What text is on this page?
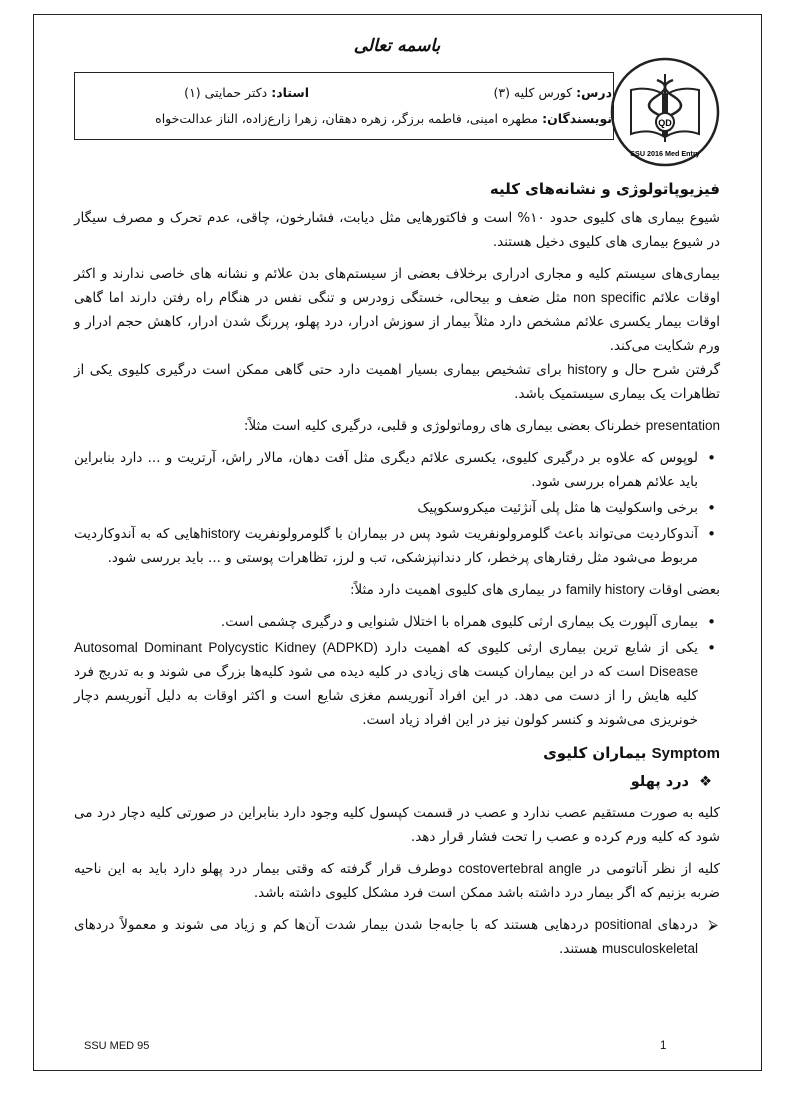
باسمه تعالی
درس: کورس کلیه (۳)
استاد: دکتر حمایتی (۱)
نویسندگان: مطهره امینی، فاطمه برزگر، زهره دهقان، زهرا زارع‌زاده، الناز عدالت‌خواه	QD
SSU 2016 Med Entry
فیزیوپاتولوژی و نشانه‌های کلیه

شیوع بیماری های کلیوی حدود ۱۰% است و فاکتورهایی مثل دیابت، فشارخون، چاقی، عدم تحرک و مصرف سیگار در شیوع بیماری های کلیوی دخیل هستند.

بیماری‌های سیستم کلیه و مجاری ادراری برخلاف بعضی از سیستم‌های بدن علائم و نشانه های خاصی ندارند و اکثر اوقات علائم non specific مثل ضعف و بیحالی، خستگی زودرس و تنگی نفس در هنگام راه رفتن دارند اما گاهی اوقات بیمار یکسری علائم مشخص دارد مثلاً بیمار از سوزش ادرار، درد پهلو، پررنگ شدن ادرار، کاهش حجم ادرار و ورم شکایت می‌کند.

گرفتن شرح حال و history برای تشخیص بیماری بسیار اهمیت دارد حتی گاهی ممکن است درگیری کلیوی یکی از تظاهرات یک بیماری سیستمیک باشد.

presentation خطرناک بعضی بیماری های روماتولوژی و قلبی، درگیری کلیه است مثلاً:

• لوپوس که علاوه بر درگیری کلیوی، یکسری علائم دیگری مثل آفت دهان، مالار راش، آرتریت و ... دارد بنابراین باید علائم همراه بررسی شود.
• برخی واسکولیت ها مثل پلی آنژئیت میکروسکوپیک
• آندوکاردیت می‌تواند باعث گلومرولونفریت شود پس در بیماران با گلومرولونفریت historyهایی که به آندوکاردیت مربوط می‌شود مثل رفتارهای پرخطر، کار دندانپزشکی، تب و لرز، تظاهرات پوستی و ... باید بررسی شود.

بعضی اوقات family history در بیماری های کلیوی اهمیت دارد مثلاً:

• بیماری آلپورت یک بیماری ارثی کلیوی همراه با اختلال شنوایی و درگیری چشمی است.
• یکی از شایع ترین بیماری ارثی کلیوی که اهمیت دارد Autosomal Dominant Polycystic Kidney (ADPKD) Disease است که در این بیماران کیست های زیادی در کلیه دیده می شود کلیه‌ها بزرگ می شوند و به تدریج فرد کلیه هایش را از دست می دهد. در این افراد آنوریسم مغزی شایع است و اکثر اوقات به دلیل آنوریسم دچار خونریزی می‌شوند و کنسر کولون نیز در این افراد زیاد است.
Symptom بیماران کلیوی
❖درد پهلو

کلیه به صورت مستقیم عصب ندارد و عصب در قسمت کپسول کلیه وجود دارد بنابراین در صورتی کلیه دچار درد می شود که کلیه ورم کرده و عصب را تحت فشار قرار دهد.

کلیه از نظر آناتومی در costovertebral angle دوطرف قرار گرفته که وقتی بیمار درد پهلو دارد باید به این ناحیه ضربه بزنیم که اگر بیمار درد داشته باشد ممکن است فرد مشکل کلیوی داشته باشد.

⮚
دردهای positional دردهایی هستند که با جابه‌جا شدن بیمار شدت آن‌ها کم و زیاد می شوند و معمولاً دردهای musculoskeletal هستند.
SSU MED 95	1
